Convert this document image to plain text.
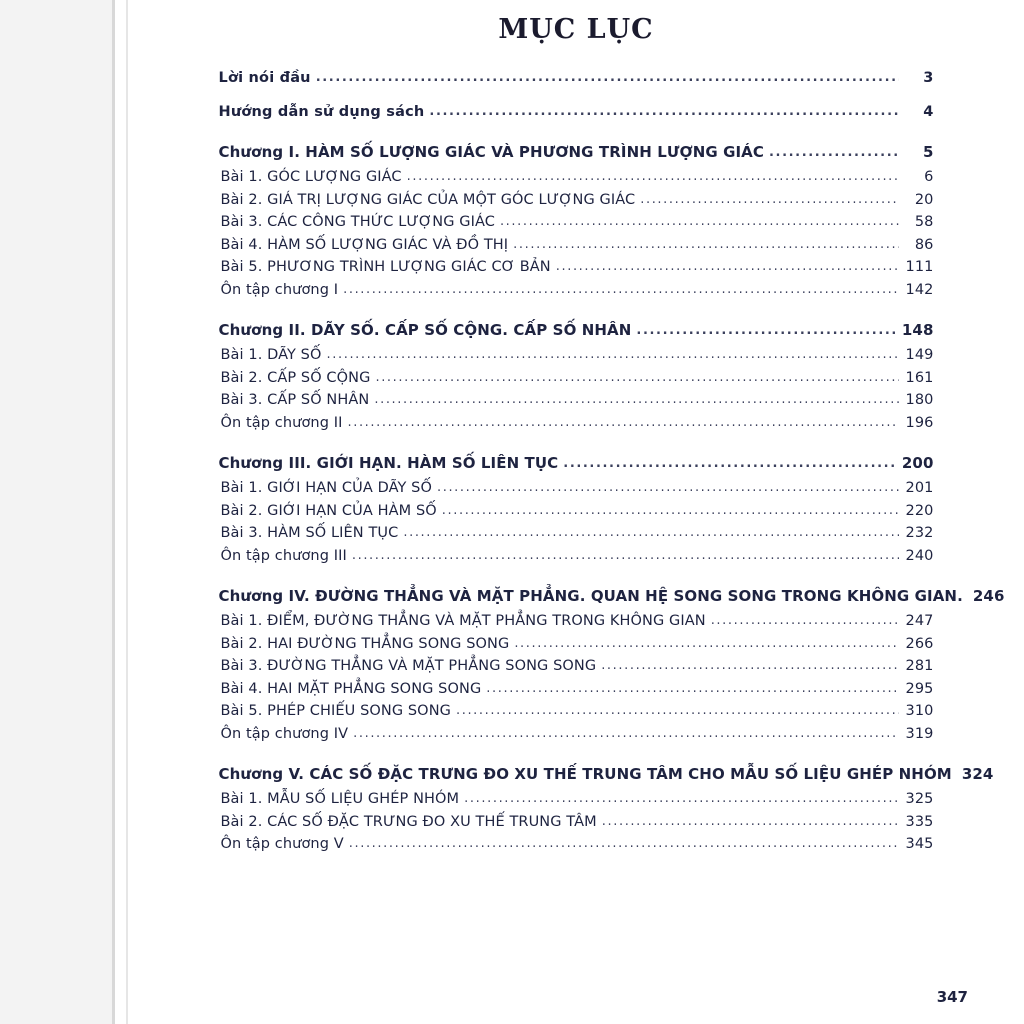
MỤC LỤC
Lời nói đầu .....	3
Hướng dẫn sử dụng sách .....	4
Chương I. HÀM SỐ LƯỢNG GIÁC VÀ PHƯƠNG TRÌNH LƯỢNG GIÁC .....	5
Bài 1. GÓC LƯỢNG GIÁC .....	6
Bài 2. GIÁ TRỊ LƯỢNG GIÁC CỦA MỘT GÓC LƯỢNG GIÁC .....	20
Bài 3. CÁC CÔNG THỨC LƯỢNG GIÁC .....	58
Bài 4. HÀM SỐ LƯỢNG GIÁC VÀ ĐỒ THỊ .....	86
Bài 5. PHƯƠNG TRÌNH LƯỢNG GIÁC CƠ BẢN .....	111
Ôn tập chương I .....	142
Chương II. DÃY SỐ. CẤP SỐ CỘNG. CẤP SỐ NHÂN .....	148
Bài 1. DÃY SỐ .....	149
Bài 2. CẤP SỐ CỘNG .....	161
Bài 3. CẤP SỐ NHÂN .....	180
Ôn tập chương II .....	196
Chương III. GIỚI HẠN. HÀM SỐ LIÊN TỤC .....	200
Bài 1. GIỚI HẠN CỦA DÃY SỐ .....	201
Bài 2. GIỚI HẠN CỦA HÀM SỐ .....	220
Bài 3. HÀM SỐ LIÊN TỤC .....	232
Ôn tập chương III .....	240
Chương IV. ĐƯỜNG THẲNG VÀ MẶT PHẲNG. QUAN HỆ SONG SONG TRONG KHÔNG GIAN. 246
Bài 1. ĐIỂM, ĐƯỜNG THẲNG VÀ MẶT PHẲNG TRONG KHÔNG GIAN .....	247
Bài 2. HAI ĐƯỜNG THẲNG SONG SONG .....	266
Bài 3. ĐƯỜNG THẲNG VÀ MẶT PHẲNG SONG SONG .....	281
Bài 4. HAI MẶT PHẲNG SONG SONG .....	295
Bài 5. PHÉP CHIẾU SONG SONG .....	310
Ôn tập chương IV .....	319
Chương V. CÁC SỐ ĐẶC TRƯNG ĐO XU THẾ TRUNG TÂM CHO MẪU SỐ LIỆU GHÉP NHÓM 324
Bài 1. MẪU SỐ LIỆU GHÉP NHÓM .....	325
Bài 2. CÁC SỐ ĐẶC TRƯNG ĐO XU THẾ TRUNG TÂM .....	335
Ôn tập chương V .....	345
347
